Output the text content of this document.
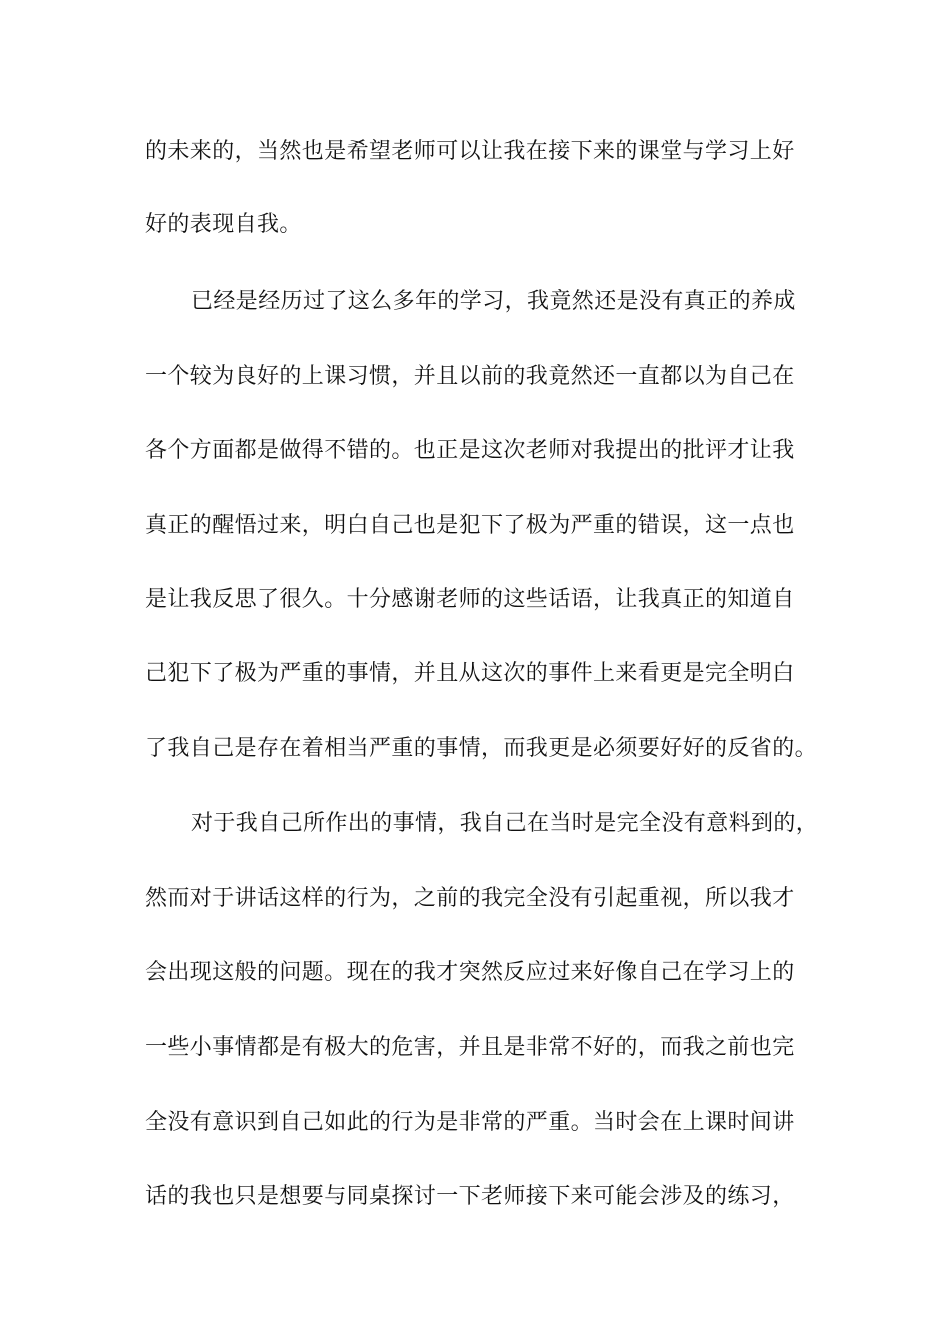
的未来的，当然也是希望老师可以让我在接下来的课堂与学习上好
好的表现自我。
已经是经历过了这么多年的学习，我竟然还是没有真正的养成
一个较为良好的上课习惯，并且以前的我竟然还一直都以为自己在
各个方面都是做得不错的。也正是这次老师对我提出的批评才让我
真正的醒悟过来，明白自己也是犯下了极为严重的错误，这一点也
是让我反思了很久。十分感谢老师的这些话语，让我真正的知道自
己犯下了极为严重的事情，并且从这次的事件上来看更是完全明白
了我自己是存在着相当严重的事情，而我更是必须要好好的反省的。
对于我自己所作出的事情，我自己在当时是完全没有意料到的，
然而对于讲话这样的行为，之前的我完全没有引起重视，所以我才
会出现这般的问题。现在的我才突然反应过来好像自己在学习上的
一些小事情都是有极大的危害，并且是非常不好的，而我之前也完
全没有意识到自己如此的行为是非常的严重。当时会在上课时间讲
话的我也只是想要与同桌探讨一下老师接下来可能会涉及的练习，
